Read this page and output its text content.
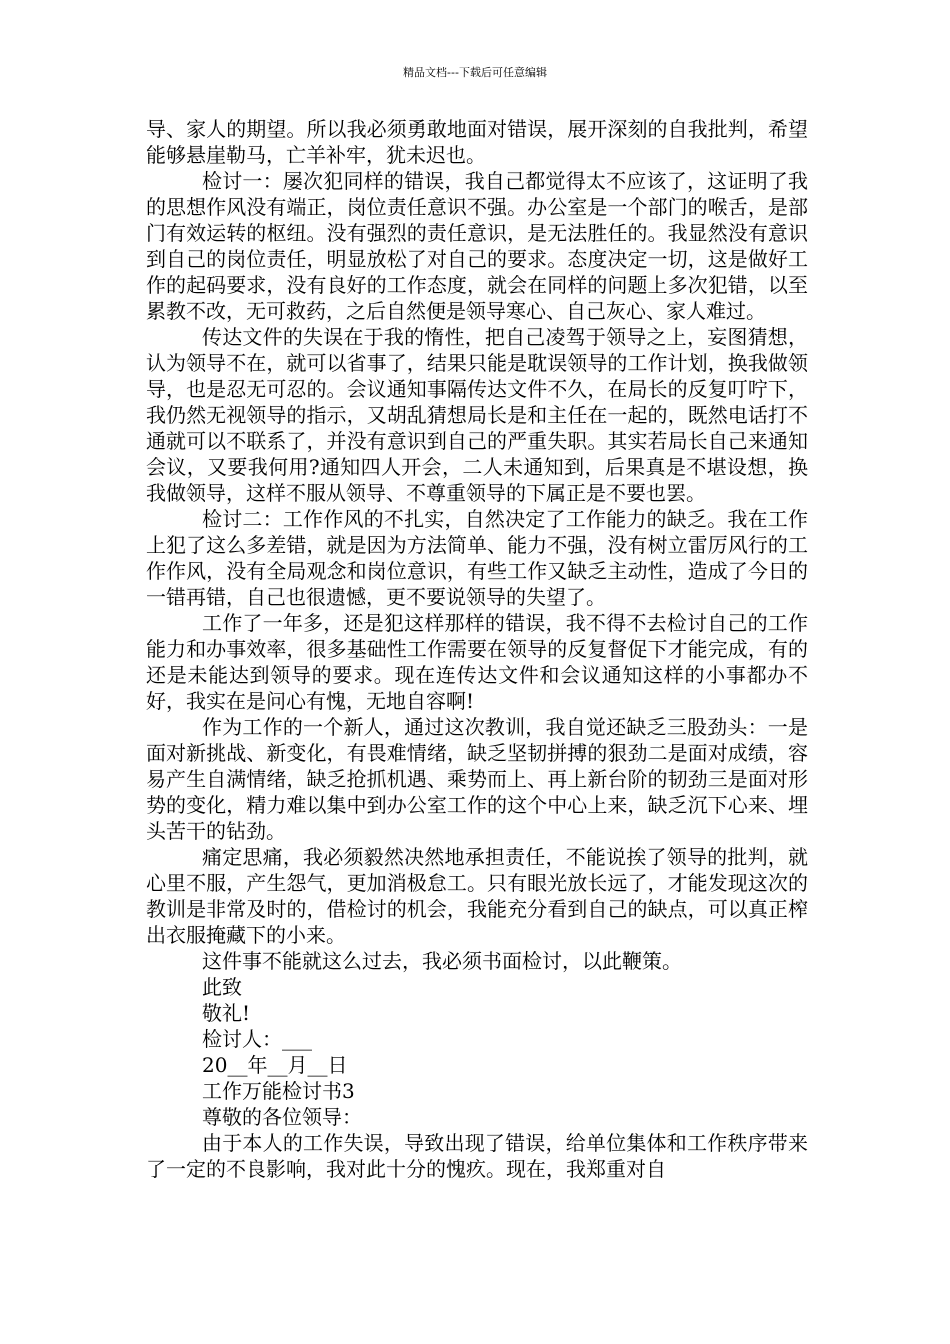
精品文档---下载后可任意编辑

导、家人的期望。所以我必须勇敢地面对错误，展开深刻的自我批判，希望能够悬崖勒马，亡羊补牢，犹未迟也。

检讨一：屡次犯同样的错误，我自己都觉得太不应该了，这证明了我的思想作风没有端正，岗位责任意识不强。办公室是一个部门的喉舌，是部门有效运转的枢纽。没有强烈的责任意识，是无法胜任的。我显然没有意识到自己的岗位责任，明显放松了对自己的要求。态度决定一切，这是做好工作的起码要求，没有良好的工作态度，就会在同样的问题上多次犯错，以至累教不改，无可救药，之后自然便是领导寒心、自己灰心、家人难过。

传达文件的失误在于我的惰性，把自己凌驾于领导之上，妄图猜想，认为领导不在，就可以省事了，结果只能是耽误领导的工作计划，换我做领导，也是忍无可忍的。会议通知事隔传达文件不久，在局长的反复叮咛下，我仍然无视领导的指示，又胡乱猜想局长是和主任在一起的，既然电话打不通就可以不联系了，并没有意识到自己的严重失职。其实若局长自己来通知会议，又要我何用?通知四人开会，二人未通知到，后果真是不堪设想，换我做领导，这样不服从领导、不尊重领导的下属正是不要也罢。

检讨二：工作作风的不扎实，自然决定了工作能力的缺乏。我在工作上犯了这么多差错，就是因为方法简单、能力不强，没有树立雷厉风行的工作作风，没有全局观念和岗位意识，有些工作又缺乏主动性，造成了今日的一错再错，自己也很遗憾，更不要说领导的失望了。

工作了一年多，还是犯这样那样的错误，我不得不去检讨自己的工作能力和办事效率，很多基础性工作需要在领导的反复督促下才能完成，有的还是未能达到领导的要求。现在连传达文件和会议通知这样的小事都办不好，我实在是问心有愧，无地自容啊!

作为工作的一个新人，通过这次教训，我自觉还缺乏三股劲头：一是面对新挑战、新变化，有畏难情绪，缺乏坚韧拼搏的狠劲二是面对成绩，容易产生自满情绪，缺乏抢抓机遇、乘势而上、再上新台阶的韧劲三是面对形势的变化，精力难以集中到办公室工作的这个中心上来，缺乏沉下心来、埋头苦干的钻劲。

痛定思痛，我必须毅然决然地承担责任，不能说挨了领导的批判，就心里不服，产生怨气，更加消极怠工。只有眼光放长远了，才能发现这次的教训是非常及时的，借检讨的机会，我能充分看到自己的缺点，可以真正榨出衣服掩藏下的小来。

这件事不能就这么过去，我必须书面检讨，以此鞭策。

此致

敬礼!

检讨人：___

20__年__月__日

工作万能检讨书3

尊敬的各位领导：

由于本人的工作失误，导致出现了错误，给单位集体和工作秩序带来了一定的不良影响，我对此十分的愧疚。现在，我郑重对自
